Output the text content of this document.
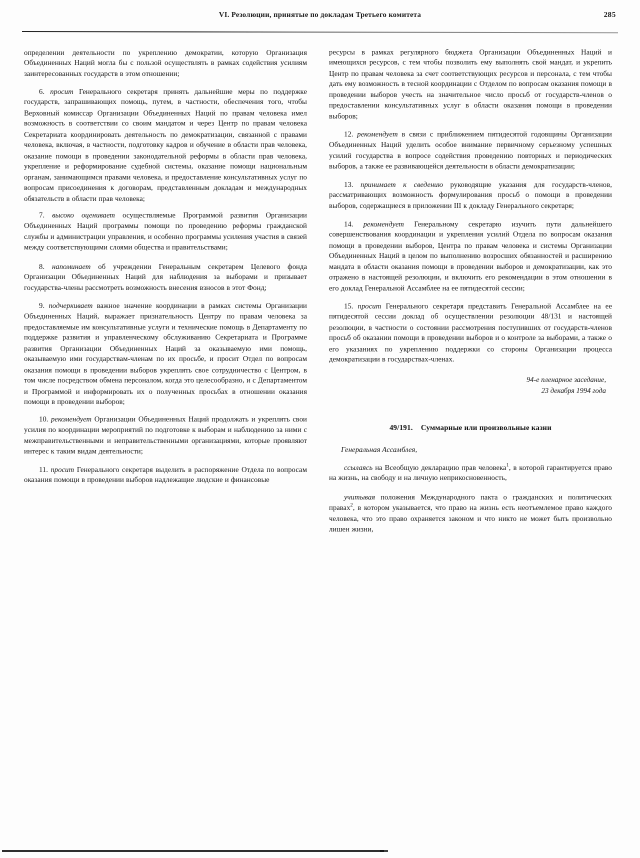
VI. Резолюции, принятые по докладам Третьего комитета	285

определении деятельности по укреплению демократии, которую Организация Объединенных Наций могла бы с пользой осуществлять в рамках содействия усилиям заинтересованных государств в этом отношении;

6. просит Генерального секретаря принять дальнейшие меры по поддержке государств, запрашивающих помощь, путем, в частности, обеспечения того, чтобы Верховный комиссар Организации Объединенных Наций по правам человека имел возможность в соответствии со своим мандатом и через Центр по правам человека Секретариата координировать деятельность по демократизации, связанной с правами человека, включая, в частности, подготовку кадров и обучение в области прав человека, оказание помощи в проведении законодательной реформы в области прав человека, укрепление и реформирование судебной системы, оказание помощи национальным органам, занимающимся правами человека, и предоставление консультативных услуг по вопросам присоединения к договорам, представленным докладам и международных обязательств в области прав человека;

7. высоко оценивает осуществляемые Программой развития Организации Объединенных Наций программы помощи по проведению реформы гражданской службы и администрации управления, и особенно программы усиления участия в связей между соответствующими слоями общества и правительствами;

8. напоминает об учреждении Генеральным секретарем Целевого фонда Организации Объединенных Наций для наблюдения за выборами и призывает государства-члены рассмотреть возможность внесения взносов в этот Фонд;

9. подчеркивает важное значение координации в рамках системы Организации Объединенных Наций, выражает признательность Центру по правам человека за предоставляемые им консультативные услуги и технические помощь в Департаменту по поддержке развития и управленческому обслуживанию Секретариата и Программе развития Организации Объединенных Наций за оказываемую ими помощь, оказываемую ими государствам-членам по их просьбе, и просит Отдел по вопросам оказания помощи в проведении выборов укреплять свое сотрудничество с Центром, в том числе посредством обмена персоналом, когда это целесообразно, и с Департаментом и Программой и информировать их о полученных просьбах в отношении оказания помощи в проведении выборов;

10. рекомендует Организации Объединенных Наций продолжать и укреплять свои усилия по координации мероприятий по подготовке к выборам и наблюдению за ними с межправительственными и неправительственными организациями, которые проявляют интерес к таким видам деятельности;

11. просит Генерального секретаря выделить в распоряжение Отдела по вопросам оказания помощи в проведении выборов надлежащие людские и финансовые

ресурсы в рамках регулярного бюджета Организации Объединенных Наций и имеющихся ресурсов, с тем чтобы позволить ему выполнять свой мандат, и укрепить Центр по правам человека за счет соответствующих ресурсов и персонала, с тем чтобы дать ему возможность в тесной координации с Отделом по вопросам оказания помощи в проведении выборов учесть на значительное число просьб от государств-членов о предоставлении консультативных услуг в области оказания помощи в проведении выборов;

12. рекомендует в связи с приближением пятидесятой годовщины Организации Объединенных Наций уделить особое внимание первичному серьезному успешных усилий государства в вопросе содействия проведению повторных и периодических выборов, а также ее развивающейся деятельности в области демократизации;

13. принимает к сведению руководящие указания для государств-членов, рассматривающих возможность формулирования просьб о помощи в проведении выборов, содержащиеся в приложении III к докладу Генерального секретаря;

14. рекомендует Генеральному секретарю изучить пути дальнейшего совершенствования координации и укрепления усилий Отдела по вопросам оказания помощи в проведении выборов, Центра по правам человека и системы Организации Объединенных Наций в целом по выполнению возросших обязанностей и расширению мандата в области оказания помощи в проведении выборов и демократизации, как это отражено в настоящей резолюции, и включить его рекомендации в этом отношении в его доклад Генеральной Ассамблее на ее пятидесятой сессии;

15. просит Генерального секретаря представить Генеральной Ассамблее на ее пятидесятой сессии доклад об осуществлении резолюции 48/131 и настоящей резолюции, в частности о состоянии рассмотрения поступивших от государств-членов просьб об оказании помощи в проведении выборов и о контроле за выборами, а также о его указаниях по укреплению поддержки со стороны Организации процесса демократизации в государствах-членах.

94-е пленарное заседание,
23 декабря 1994 года
49/191. Суммарные или произвольные казни

Генеральная Ассамблея,

ссылаясь на Всеобщую декларацию прав человека$^1$, в которой гарантируется право на жизнь, на свободу и на личную неприкосновенность,

учитывая положения Международного пакта о гражданских и политических правах$^2$, в котором указывается, что право на жизнь есть неотъемлемое право каждого человека, что это право охраняется законом и что никто не может быть произвольно лишен жизни,
